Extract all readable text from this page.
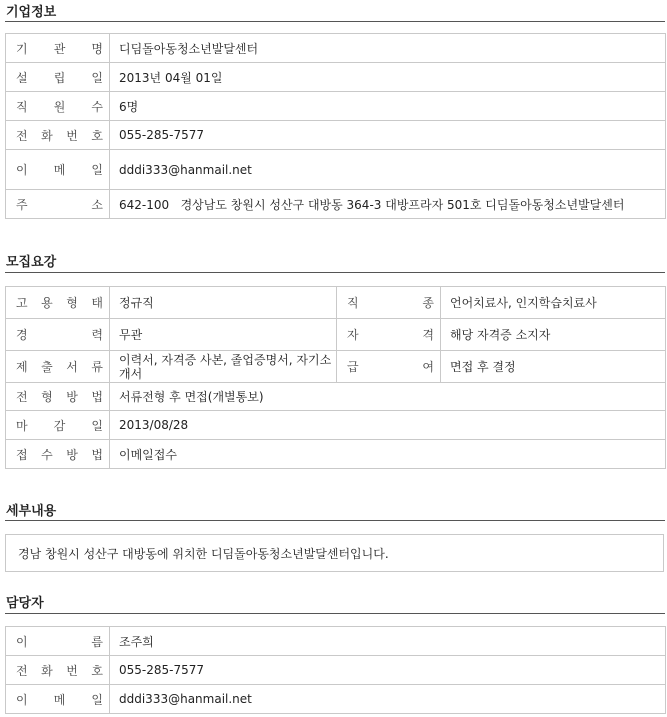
기업정보
기 관 명	디딤돌아동청소년발달센터
설 립 일	2013년 04월 01일
직 원 수	6명
전 화 번 호	055-285-7577
이 메 일	dddi333@hanmail.net
주 소	642-100   경상남도 창원시 성산구 대방동 364-3 대방프라자 501호 디딤돌아동청소년발달센터
모집요강
고 용 형 태	정규직	직 종	언어치료사, 인지학습치료사
경 력	무관	자 격	해당 자격증 소지자
제 출 서 류	이력서, 자격증 사본, 졸업증명서, 자기소개서	급 여	면접 후 결정
전 형 방 법	서류전형 후 면접(개별통보)		
마 감 일	2013/08/28		
접 수 방 법	이메일접수		
세부내용
경남 창원시 성산구 대방동에 위치한 디딤돌아동청소년발달센터입니다.
담당자
이 름	조주희
전 화 번 호	055-285-7577
이 메 일	dddi333@hanmail.net
